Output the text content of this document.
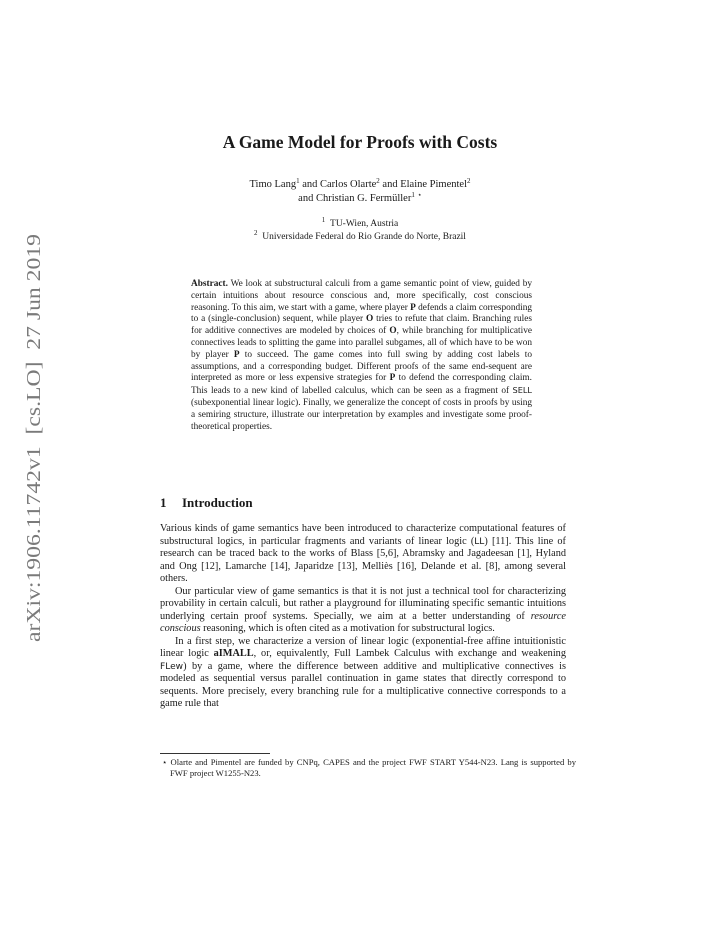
arXiv:1906.11742v1  [cs.LO]  27 Jun 2019
A Game Model for Proofs with Costs

Timo Lang$^1$ and Carlos Olarte$^2$ and Elaine Pimentel$^2$

and Christian G. Fermüller$^1$ ⋆

$^1$  TU-Wien, Austria

$^2$  Universidade Federal do Rio Grande do Norte, Brazil

Abstract. We look at substructural calculi from a game semantic point of view, guided by certain intuitions about resource conscious and, more specifically, cost conscious reasoning. To this aim, we start with a game, where player P defends a claim corresponding to a (single-conclusion) sequent, while player O tries to refute that claim. Branching rules for additive connectives are modeled by choices of O, while branching for multiplicative connectives leads to splitting the game into parallel subgames, all of which have to be won by player P to succeed. The game comes into full swing by adding cost labels to assumptions, and a corresponding budget. Different proofs of the same end-sequent are interpreted as more or less expensive strategies for P to defend the corresponding claim. This leads to a new kind of labelled calculus, which can be seen as a fragment of SELL (subexponential linear logic). Finally, we generalize the concept of costs in proofs by using a semiring structure, illustrate our interpretation by examples and investigate some proof-theoretical properties.

1 Introduction

Various kinds of game semantics have been introduced to characterize computational features of substructural logics, in particular fragments and variants of linear logic (LL) [11]. This line of research can be traced back to the works of Blass [5,6], Abramsky and Jagadeesan [1], Hyland and Ong [12], Lamarche [14], Japaridze [13], Melliès [16], Delande et al. [8], among several others.

Our particular view of game semantics is that it is not just a technical tool for characterizing provability in certain calculi, but rather a playground for illuminating specific semantic intuitions underlying certain proof systems. Specially, we aim at a better understanding of resource conscious reasoning, which is often cited as a motivation for substructural logics.

In a first step, we characterize a version of linear logic (exponential-free affine intuitionistic linear logic aIMALL, or, equivalently, Full Lambek Calculus with exchange and weakening FLew) by a game, where the difference between additive and multiplicative connectives is modeled as sequential versus parallel continuation in game states that directly correspond to sequents. More precisely, every branching rule for a multiplicative connective corresponds to a game rule that

⋆ Olarte and Pimentel are funded by CNPq, CAPES and the project FWF START Y544-N23. Lang is supported by FWF project W1255-N23.
